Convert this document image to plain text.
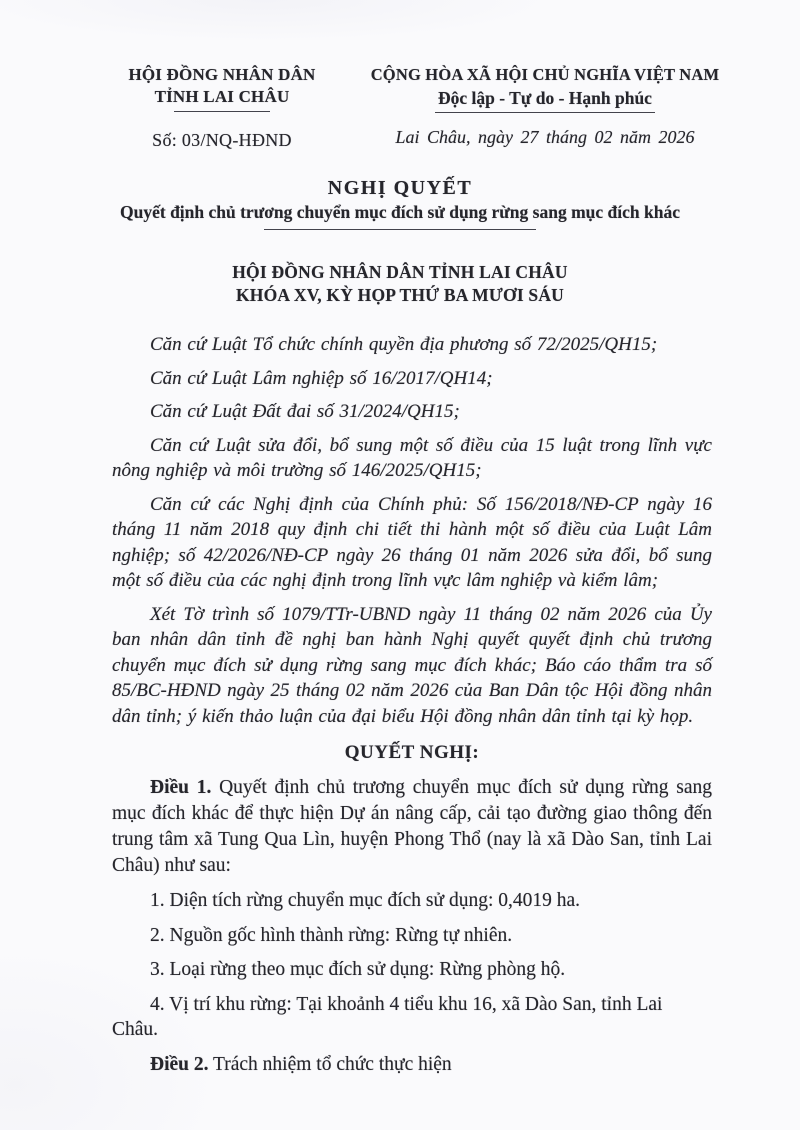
HỘI ĐỒNG NHÂN DÂN
TỈNH LAI CHÂU
Số: 03/NQ-HĐND
CỘNG HÒA XÃ HỘI CHỦ NGHĨA VIỆT NAM
Độc lập - Tự do - Hạnh phúc
Lai Châu, ngày 27 tháng 02 năm 2026
NGHỊ QUYẾT
Quyết định chủ trương chuyển mục đích sử dụng rừng sang mục đích khác
HỘI ĐỒNG NHÂN DÂN TỈNH LAI CHÂU
KHÓA XV, KỲ HỌP THỨ BA MƯƠI SÁU

Căn cứ Luật Tổ chức chính quyền địa phương số 72/2025/QH15;

Căn cứ Luật Lâm nghiệp số 16/2017/QH14;

Căn cứ Luật Đất đai số 31/2024/QH15;

Căn cứ Luật sửa đổi, bổ sung một số điều của 15 luật trong lĩnh vực nông nghiệp và môi trường số 146/2025/QH15;

Căn cứ các Nghị định của Chính phủ: Số 156/2018/NĐ-CP ngày 16 tháng 11 năm 2018 quy định chi tiết thi hành một số điều của Luật Lâm nghiệp; số 42/2026/NĐ-CP ngày 26 tháng 01 năm 2026 sửa đổi, bổ sung một số điều của các nghị định trong lĩnh vực lâm nghiệp và kiểm lâm;

Xét Tờ trình số 1079/TTr-UBND ngày 11 tháng 02 năm 2026 của Ủy ban nhân dân tỉnh đề nghị ban hành Nghị quyết quyết định chủ trương chuyển mục đích sử dụng rừng sang mục đích khác; Báo cáo thẩm tra số 85/BC-HĐND ngày 25 tháng 02 năm 2026 của Ban Dân tộc Hội đồng nhân dân tỉnh; ý kiến thảo luận của đại biểu Hội đồng nhân dân tỉnh tại kỳ họp.

QUYẾT NGHỊ:

Điều 1. Quyết định chủ trương chuyển mục đích sử dụng rừng sang mục đích khác để thực hiện Dự án nâng cấp, cải tạo đường giao thông đến trung tâm xã Tung Qua Lìn, huyện Phong Thổ (nay là xã Dào San, tỉnh Lai Châu) như sau:

1. Diện tích rừng chuyển mục đích sử dụng: 0,4019 ha.

2. Nguồn gốc hình thành rừng: Rừng tự nhiên.

3. Loại rừng theo mục đích sử dụng: Rừng phòng hộ.

4. Vị trí khu rừng: Tại khoảnh 4 tiểu khu 16, xã Dào San, tỉnh Lai Châu.

Điều 2. Trách nhiệm tổ chức thực hiện
